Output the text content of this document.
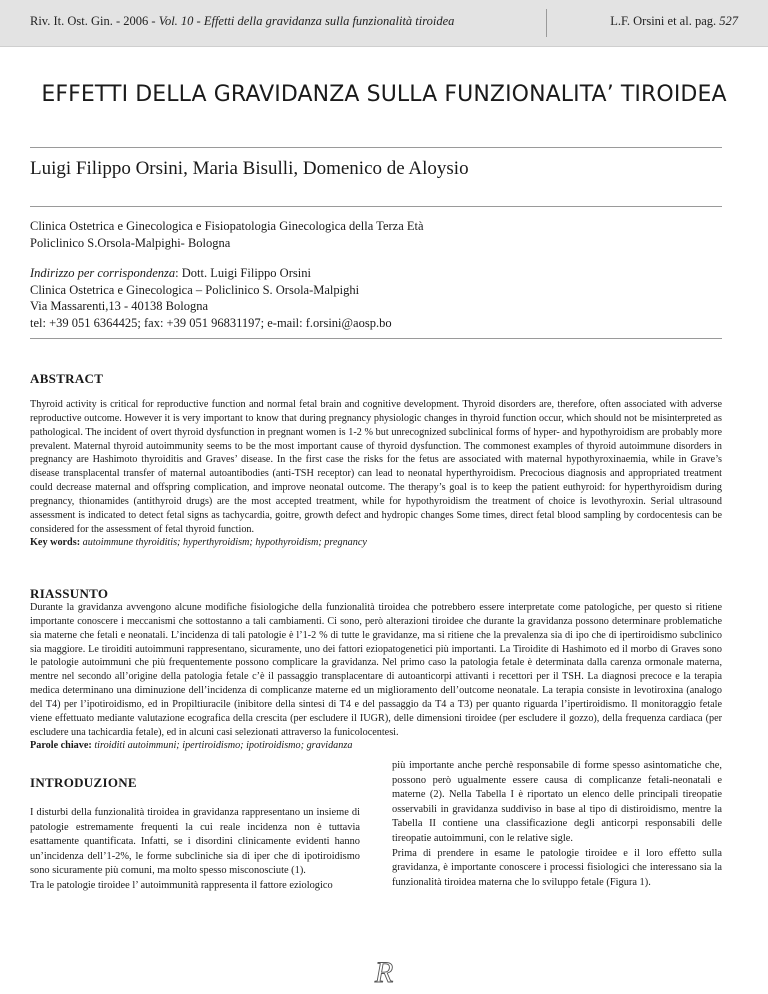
Riv. It. Ost. Gin. - 2006 - Vol. 10 - Effetti della gravidanza sulla funzionalità tiroidea	L.F. Orsini et al. pag. 527
EFFETTI DELLA GRAVIDANZA SULLA FUNZIONALITA’ TIROIDEA
Luigi Filippo Orsini, Maria Bisulli, Domenico de Aloysio

Clinica Ostetrica e Ginecologica e Fisiopatologia Ginecologica della Terza Età

Policlinico S.Orsola-Malpighi- Bologna

Indirizzo per corrispondenza: Dott. Luigi Filippo Orsini

Clinica Ostetrica e Ginecologica – Policlinico S. Orsola-Malpighi

Via Massarenti,13 - 40138 Bologna

tel: +39 051 6364425; fax: +39 051 96831197; e-mail: f.orsini@aosp.bo

ABSTRACT

Thyroid activity is critical for reproductive function and normal fetal brain and cognitive development. Thyroid disorders are, therefore, often associated with adverse reproductive outcome. However it is very important to know that during pregnancy physiologic changes in thyroid function occur, which should not be misinterpreted as pathological. The incident of overt thyroid dysfunction in pregnant women is 1-2 % but unrecognized subclinical forms of hyper- and hypothyroidism are probably more prevalent. Maternal thyroid autoimmunity seems to be the most important cause of thyroid dysfunction. The commonest examples of thyroid autoimmune disorders in pregnancy are Hashimoto thyroiditis and Graves’ disease. In the first case the risks for the fetus are associated with maternal hypothyroxinaemia, while in Grave’s disease transplacental transfer of maternal autoantibodies (anti-TSH receptor) can lead to neonatal hyperthyroidism. Precocious diagnosis and appropriated treatment could decrease maternal and offspring complication, and improve neonatal outcome. The therapy’s goal is to keep the patient euthyroid: for hyperthyroidism during pregnancy, thionamides (antithyroid drugs) are the most accepted treatment, while for hypothyroidism the treatment of choice is levothyroxin. Serial ultrasound assessment is indicated to detect fetal signs as tachycardia, goitre, growth defect and hydropic changes Some times, direct fetal blood sampling by cordocentesis can be considered for the assessment of fetal thyroid function.

Key words: autoimmune thyroiditis; hyperthyroidism; hypothyroidism; pregnancy

RIASSUNTO

Durante la gravidanza avvengono alcune modifiche fisiologiche della funzionalità tiroidea che potrebbero essere interpretate come patologiche, per questo si ritiene importante conoscere i meccanismi che sottostanno a tali cambiamenti. Ci sono, però alterazioni tiroidee che durante la gravidanza possono determinare problematiche sia materne che fetali e neonatali. L’incidenza di tali patologie è l’1-2 % di tutte le gravidanze, ma si ritiene che la prevalenza sia di ipo che di ipertiroidismo subclinico sia maggiore. Le tiroiditi autoimmuni rappresentano, sicuramente, uno dei fattori eziopatogenetici più importanti. La Tiroidite di Hashimoto ed il morbo di Graves sono le patologie autoimmuni che più frequentemente possono complicare la gravidanza. Nel primo caso la patologia fetale è determinata dalla carenza ormonale materna, mentre nel secondo all’origine della patologia fetale c’è il passaggio transplacentare di autoanticorpi attivanti i recettori per il TSH. La diagnosi precoce e la terapia medica determinano una diminuzione dell’incidenza di complicanze materne ed un miglioramento dell’outcome neonatale. La terapia consiste in levotiroxina (analogo del T4) per l’ipotiroidismo, ed in Propiltiuracile (inibitore della sintesi di T4 e del passaggio da T4 a T3) per quanto riguarda l’ipertiroidismo. Il monitoraggio fetale viene effettuato mediante valutazione ecografica della crescita (per escludere il IUGR), delle dimensioni tiroidee (per escludere il gozzo), della frequenza cardiaca (per escludere una tachicardia fetale), ed in alcuni casi selezionati attraverso la funicolocentesi.

Parole chiave: tiroiditi autoimmuni; ipertiroidismo; ipotiroidismo; gravidanza

INTRODUZIONE

I disturbi della funzionalità tiroidea in gravidanza rappresentano un insieme di patologie estremamente frequenti la cui reale incidenza non è tuttavia esattamente quantificata. Infatti, se i disordini clinicamente evidenti hanno un’incidenza dell’1-2%, le forme subcliniche sia di iper che di ipotiroidismo sono sicuramente più comuni, ma molto spesso misconosciute (1).

Tra le patologie tiroidee l’ autoimmunità rappresenta il fattore eziologico

più importante anche perchè responsabile di forme spesso asintomatiche che, possono però ugualmente essere causa di complicanze fetali-neonatali e materne (2). Nella Tabella I è riportato un elenco delle principali tireopatie osservabili in gravidanza suddiviso in base al tipo di distiroidismo, mentre la Tabella II contiene una classificazione degli anticorpi responsabili delle tireopatie autoimmuni, con le relative sigle.

Prima di prendere in esame le patologie tiroidee e il loro effetto sulla gravidanza, è importante conoscere i processi fisiologici che interessano sia la funzionalità tiroidea materna che lo sviluppo fetale (Figura 1).

R
